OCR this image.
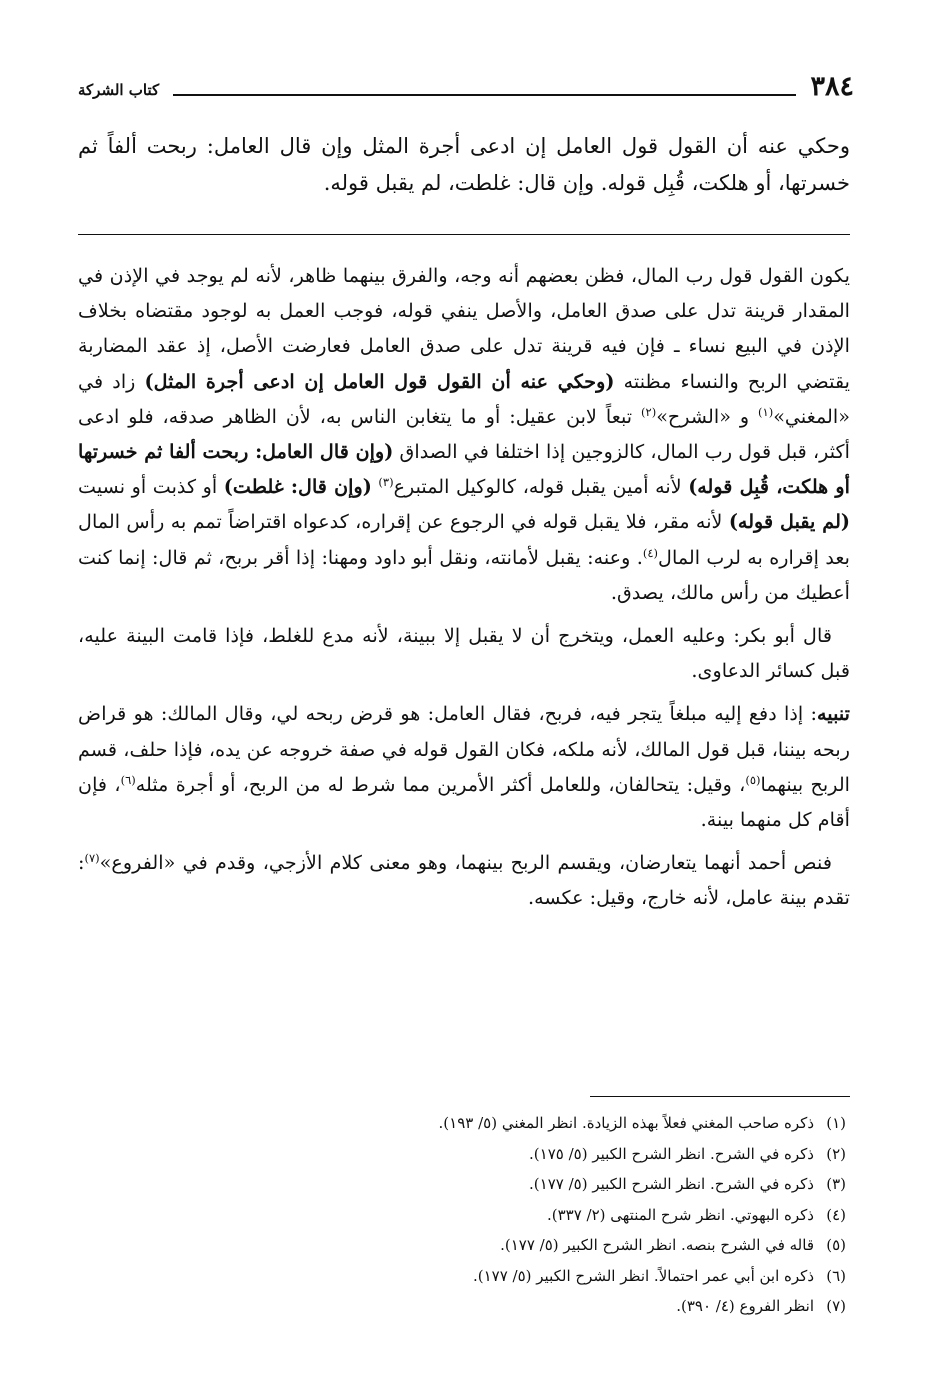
٣٨٤
كتاب الشركة
وحكي عنه أن القول قول العامل إن ادعى أجرة المثل وإن قال العامل: ربحت ألفاً ثم خسرتها، أو هلكت، قُبِل قوله. وإن قال: غلطت، لم يقبل قوله.

يكون القول قول رب المال، فظن بعضهم أنه وجه، والفرق بينهما ظاهر، لأنه لم يوجد في الإذن في المقدار قرينة تدل على صدق العامل، والأصل ينفي قوله، فوجب العمل به لوجود مقتضاه بخلاف الإذن في البيع نساء ـ فإن فيه قرينة تدل على صدق العامل فعارضت الأصل، إذ عقد المضاربة يقتضي الربح والنساء مظنته (وحكي عنه أن القول قول العامل إن ادعى أجرة المثل) زاد في «المغني»$^{(١)}$ و «الشرح»$^{(٢)}$ تبعاً لابن عقيل: أو ما يتغابن الناس به، لأن الظاهر صدقه، فلو ادعى أكثر، قبل قول رب المال، كالزوجين إذا اختلفا في الصداق (وإن قال العامل: ربحت ألفا ثم خسرتها أو هلكت، قُبِل قوله) لأنه أمين يقبل قوله، كالوكيل المتبرع$^{(٣)}$ (وإن قال: غلطت) أو كذبت أو نسيت (لم يقبل قوله) لأنه مقر، فلا يقبل قوله في الرجوع عن إقراره، كدعواه اقتراضاً تمم به رأس المال بعد إقراره به لرب المال$^{(٤)}$. وعنه: يقبل لأمانته، ونقل أبو داود ومهنا: إذا أقر بربح، ثم قال: إنما كنت أعطيك من رأس مالك، يصدق.

قال أبو بكر: وعليه العمل، ويتخرج أن لا يقبل إلا ببينة، لأنه مدع للغلط، فإذا قامت البينة عليه، قبل كسائر الدعاوى.

تنبيه: إذا دفع إليه مبلغاً يتجر فيه، فربح، فقال العامل: هو قرض ربحه لي، وقال المالك: هو قراض ربحه بيننا، قبل قول المالك، لأنه ملكه، فكان القول قوله في صفة خروجه عن يده، فإذا حلف، قسم الربح بينهما$^{(٥)}$، وقيل: يتحالفان، وللعامل أكثر الأمرين مما شرط له من الربح، أو أجرة مثله$^{(٦)}$، فإن أقام كل منهما بينة.

فنص أحمد أنهما يتعارضان، ويقسم الربح بينهما، وهو معنى كلام الأزجي، وقدم في «الفروع»$^{(٧)}$: تقدم بينة عامل، لأنه خارج، وقيل: عكسه.

(١)
ذكره صاحب المغني فعلاً بهذه الزيادة. انظر المغني (٥/ ١٩٣).
(٢)
ذكره في الشرح. انظر الشرح الكبير (٥/ ١٧٥).
(٣)
ذكره في الشرح. انظر الشرح الكبير (٥/ ١٧٧).
(٤)
ذكره البهوتي. انظر شرح المنتهى (٢/ ٣٣٧).
(٥)
قاله في الشرح بنصه. انظر الشرح الكبير (٥/ ١٧٧).
(٦)
ذكره ابن أبي عمر احتمالاً. انظر الشرح الكبير (٥/ ١٧٧).
(٧)
انظر الفروع (٤/ ٣٩٠).
